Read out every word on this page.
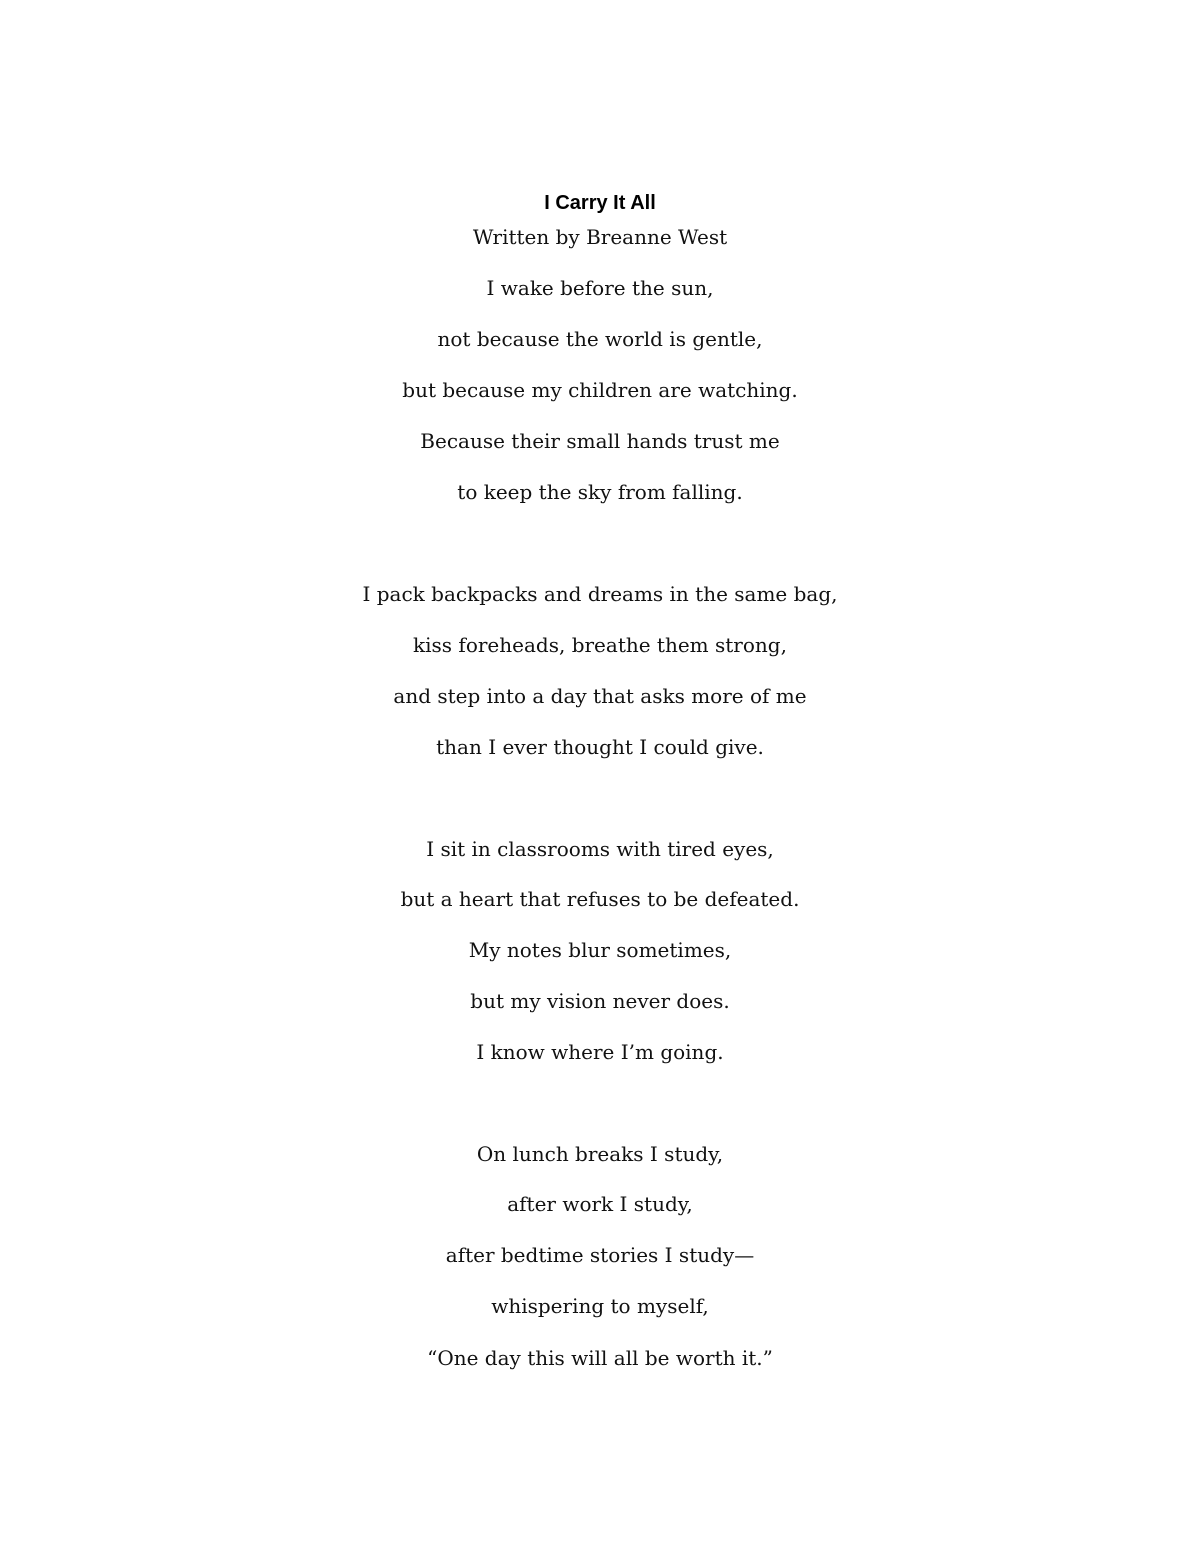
I Carry It All

Written by Breanne West

I wake before the sun,

not because the world is gentle,

but because my children are watching.

Because their small hands trust me

to keep the sky from falling.

I pack backpacks and dreams in the same bag,

kiss foreheads, breathe them strong,

and step into a day that asks more of me

than I ever thought I could give.

I sit in classrooms with tired eyes,

but a heart that refuses to be defeated.

My notes blur sometimes,

but my vision never does.

I know where I’m going.

On lunch breaks I study,

after work I study,

after bedtime stories I study—

whispering to myself,

“One day this will all be worth it.”
